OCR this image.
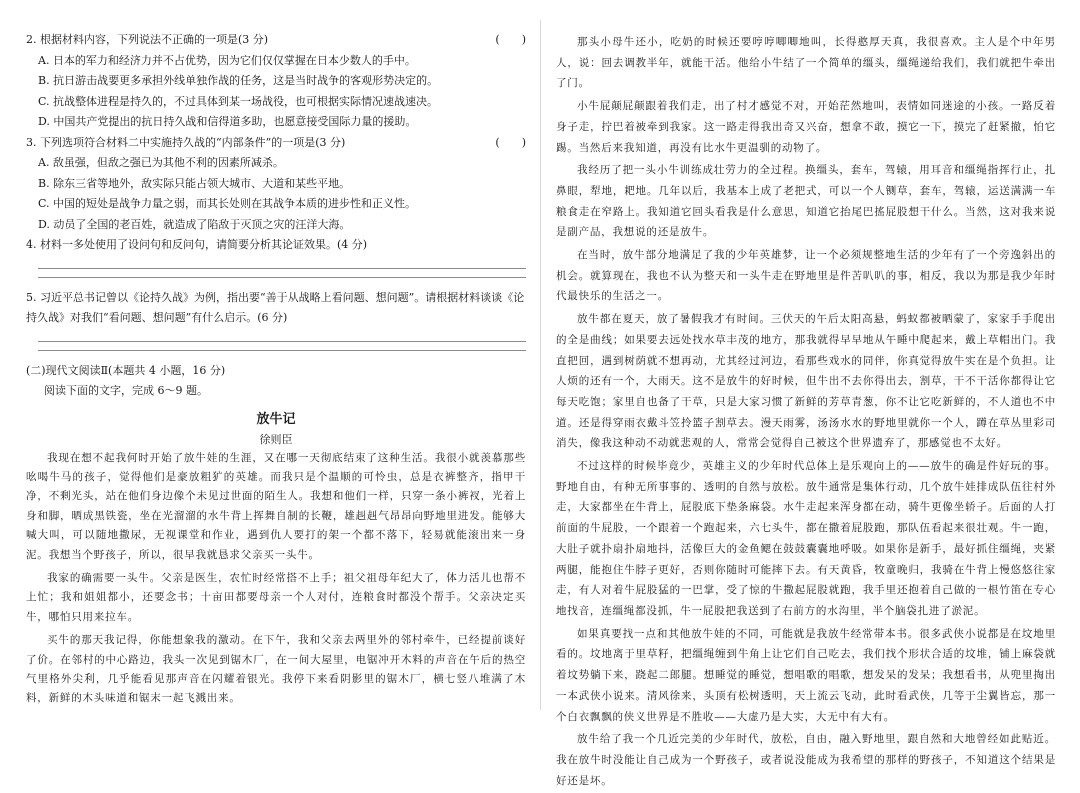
2. 根据材料内容，下列说法不正确的一项是(3 分)	(　　)
A. 日本的军力和经济力并不占优势，因为它们仅仅掌握在日本少数人的手中。
B. 抗日游击战要更多承担外线单独作战的任务，这是当时战争的客观形势决定的。
C. 抗战整体进程是持久的，不过具体到某一场战役，也可根据实际情况速战速决。
D. 中国共产党提出的抗日持久战和信得道多助，也愿意接受国际力量的援助。
3. 下列选项符合材料二中实施持久战的“内部条件”的一项是(3 分)	(　　)
A. 敌虽强，但敌之强已为其他不利的因素所减杀。
B. 除东三省等地外，敌实际只能占领大城市、大道和某些平地。
C. 中国的短处是战争力量之弱，而其长处则在其战争本质的进步性和正义性。
D. 动员了全国的老百姓，就造成了陷敌于灭顶之灾的汪洋大海。
4. 材料一多处使用了设问句和反问句，请简要分析其论证效果。(4 分)
5. 习近平总书记曾以《论持久战》为例，指出要“善于从战略上看问题、想问题”。请根据材料谈谈《论持久战》对我们“看问题、想问题”有什么启示。(6 分)
(二)现代文阅读Ⅱ(本题共 4 小题，16 分)
阅读下面的文字，完成 6～9 题。
放牛记
徐则臣

我现在想不起我何时开始了放牛娃的生涯，又在哪一天彻底结束了这种生活。我很小就羡慕那些吆喝牛马的孩子，觉得他们是豪放粗犷的英雄。而我只是个温顺的可怜虫，总是衣裤整齐，指甲干净，不剩光头，站在他们身边像个未见过世面的陌生人。我想和他们一样，只穿一条小裤衩，光着上身和脚，晒成黑铁瓷，坐在光溜溜的水牛背上挥舞自制的长鞭，雄赳赳气昂昂向野地里进发。能够大喊大叫，可以随地撒尿，无视课堂和作业，遇到仇人要打的架一个都不落下，轻易就能滚出来一身泥。我想当个野孩子，所以，很早我就恳求父亲买一头牛。

我家的确需要一头牛。父亲是医生，农忙时经常搭不上手；祖父祖母年纪大了，体力活儿也帮不上忙；我和姐姐都小，还要念书；十亩田都要母亲一个人对付，连粮食时都没个帮手。父亲决定买牛，哪怕只用来拉车。

买牛的那天我记得，你能想象我的激动。在下午，我和父亲去两里外的邻村牵牛，已经提前谈好了价。在邻村的中心路边，我头一次见到锯木厂，在一间大屋里，电锯冲开木料的声音在午后的热空气里格外尖利，几乎能看见那声音在闪耀着银光。我停下来看阴影里的锯木厂，横七竖八堆满了木料，新鲜的木头味道和锯末一起飞溅出来。

那头小母牛还小，吃奶的时候还要哼哼唧唧地叫，长得憨厚天真，我很喜欢。主人是个中年男人，说：回去调教半年，就能干活。他给小牛结了一个简单的缰头，缰绳递给我们，我们就把牛牵出了门。

小牛屁颠屁颠跟着我们走，出了村才感觉不对，开始茫然地叫，表情如同迷途的小孩。一路反着身子走，拧巴着被牵到我家。这一路走得我出奇又兴奋，想拿不敢，摸它一下，摸完了赶紧撤，怕它踢。当然后来我知道，再没有比水牛更温驯的动物了。

我经历了把一头小牛训练成壮劳力的全过程。换缰头，套车，驾辕，用耳音和缰绳指挥行止，扎鼻眼，犁地，耙地。几年以后，我基本上成了老把式，可以一个人铡草，套车，驾辕，运送满满一车粮食走在窄路上。我知道它回头看我是什么意思，知道它抬尾巴搖屁股想干什么。当然，这对我来说是副产品，我想说的还是放牛。

在当时，放牛部分地满足了我的少年英雄梦，让一个必须规整地生活的少年有了一个旁逸斜出的机会。就算现在，我也不认为整天和一头牛走在野地里是件苦叭叭的事，相反，我以为那是我少年时代最快乐的生活之一。

放牛都在夏天，放了暑假我才有时间。三伏天的午后太阳高悬，蚂蚁都被晒蒙了，家家手手爬出的全是曲线；如果要去远处找水草丰茂的地方，那我就得早早地从午睡中爬起来，戴上草帽出门。我直把回，遇到树荫就不想再动，尤其经过河边，看那些戏水的同伴，你真觉得放牛实在是个负担。让人烦的还有一个，大雨天。这不是放牛的好时候，但牛出不去你得出去，割草，干不干活你都得让它每天吃饱；家里自也备了干草，只是大家习惯了新鲜的芳草青葱，你不让它吃新鲜的，不人道也不中道。还是得穿雨衣戴斗笠拎篮子割草去。漫天雨雾，汤汤水水的野地里就你一个人，蹲在草丛里彩司消失，像我这种动不动就悲观的人，常常会觉得自己被这个世界遗弃了，那感觉也不太好。

不过这样的时候毕竟少，英雄主义的少年时代总体上是乐观向上的——放牛的确是件好玩的事。野地自由，有种无所事事的、透明的自然与放松。放牛通常是集体行动，几个放牛娃排成队伍往村外走，大家都坐在牛背上，屁股底下垫条麻袋。水牛走起来浑身都在动，骑牛更像坐轿子。后面的人打前面的牛屁股，一个跟着一个跑起来，六七头牛，都在撒着屁股跑，那队伍看起来很壮观。牛一跑，大肚子就扑扇扑扇地抖，活像巨大的金鱼鳃在鼓鼓囊囊地呼吸。如果你是新手，最好抓住缰绳，夹紧两腿，能抱住牛脖子更好，否则你随时可能摔下去。有天黄昏，牧童晚归，我骑在牛背上慢悠悠往家走，有人对着牛屁股猛的一巴掌，受了惊的牛撒起屁股就跑，我手里还抱着自己做的一根竹笛在专心地找音，连缰绳都没抓，牛一屁股把我送到了右前方的水沟里，半个脑袋扎进了淤泥。

如果真要找一点和其他放牛娃的不同，可能就是我放牛经常带本书。很多武侠小说都是在坟地里看的。坟地离于里草籽，把缰绳缠到牛角上让它们自己吃去，我们找个形状合适的坟堆，铺上麻袋就着坟势躺下来，跷起二郎腿。想睡觉的睡觉，想唱歌的唱歌，想发呆的发呆；我想看书，从兜里掏出一本武侠小说来。清风徐来，头顶有松树透明，天上流云飞动，此时看武侠，几等于尘翼皆忘，那一个白衣飘飘的侠义世界是不胜收——大虚乃是大实，大无中有大有。

放牛给了我一个几近完美的少年时代，放松，自由，融入野地里，跟自然和大地曾经如此贴近。我在放牛时没能让自己成为一个野孩子，或者说没能成为我希望的那样的野孩子，不知道这个结果是好还是坏。
